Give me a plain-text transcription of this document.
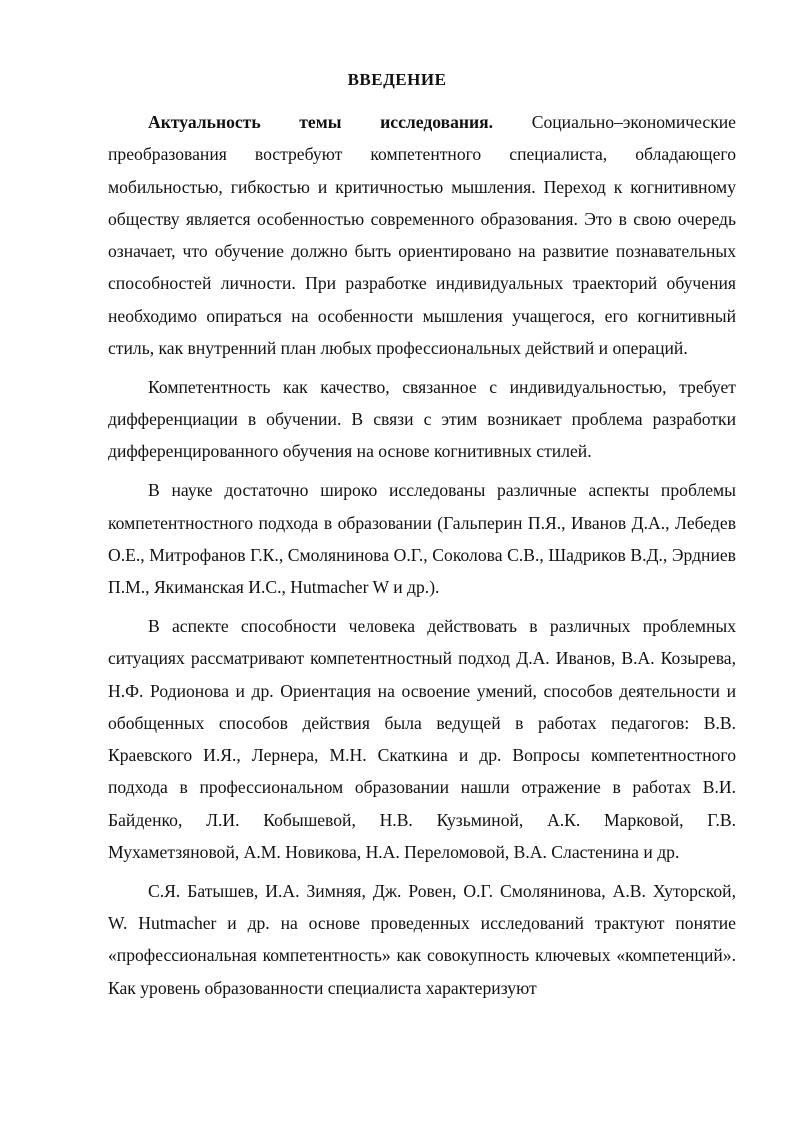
ВВЕДЕНИЕ

Актуальность темы исследования. Социально–экономические преобразования востребуют компетентного специалиста, обладающего мобильностью, гибкостью и критичностью мышления. Переход к когнитивному обществу является особенностью современного образования. Это в свою очередь означает, что обучение должно быть ориентировано на развитие познавательных способностей личности. При разработке индивидуальных траекторий обучения необходимо опираться на особенности мышления учащегося, его когнитивный стиль, как внутренний план любых профессиональных действий и операций.

Компетентность как качество, связанное с индивидуальностью, требует дифференциации в обучении. В связи с этим возникает проблема разработки дифференцированного обучения на основе когнитивных стилей.

В науке достаточно широко исследованы различные аспекты проблемы компетентностного подхода в образовании (Гальперин П.Я., Иванов Д.А., Лебедев О.Е., Митрофанов Г.К., Смолянинова О.Г., Соколова С.В., Шадриков В.Д., Эрдниев П.М., Якиманская И.С., Hutmacher W и др.).

В аспекте способности человека действовать в различных проблемных ситуациях рассматривают компетентностный подход Д.А. Иванов, В.А. Козырева, Н.Ф. Родионова и др. Ориентация на освоение умений, способов деятельности и обобщенных способов действия была ведущей в работах педагогов: В.В. Краевского И.Я., Лернера, М.Н. Скаткина и др. Вопросы компетентностного подхода в профессиональном образовании нашли отражение в работах В.И. Байденко, Л.И. Кобышевой, Н.В. Кузьминой, А.К. Марковой, Г.В. Мухаметзяновой, А.М. Новикова, Н.А. Переломовой, В.А. Сластенина и др.

С.Я. Батышев, И.А. Зимняя, Дж. Ровен, О.Г. Смолянинова, А.В. Хуторской, W. Hutmacher и др. на основе проведенных исследований трактуют понятие «профессиональная компетентность» как совокупность ключевых «компетенций». Как уровень образованности специалиста характеризуют
